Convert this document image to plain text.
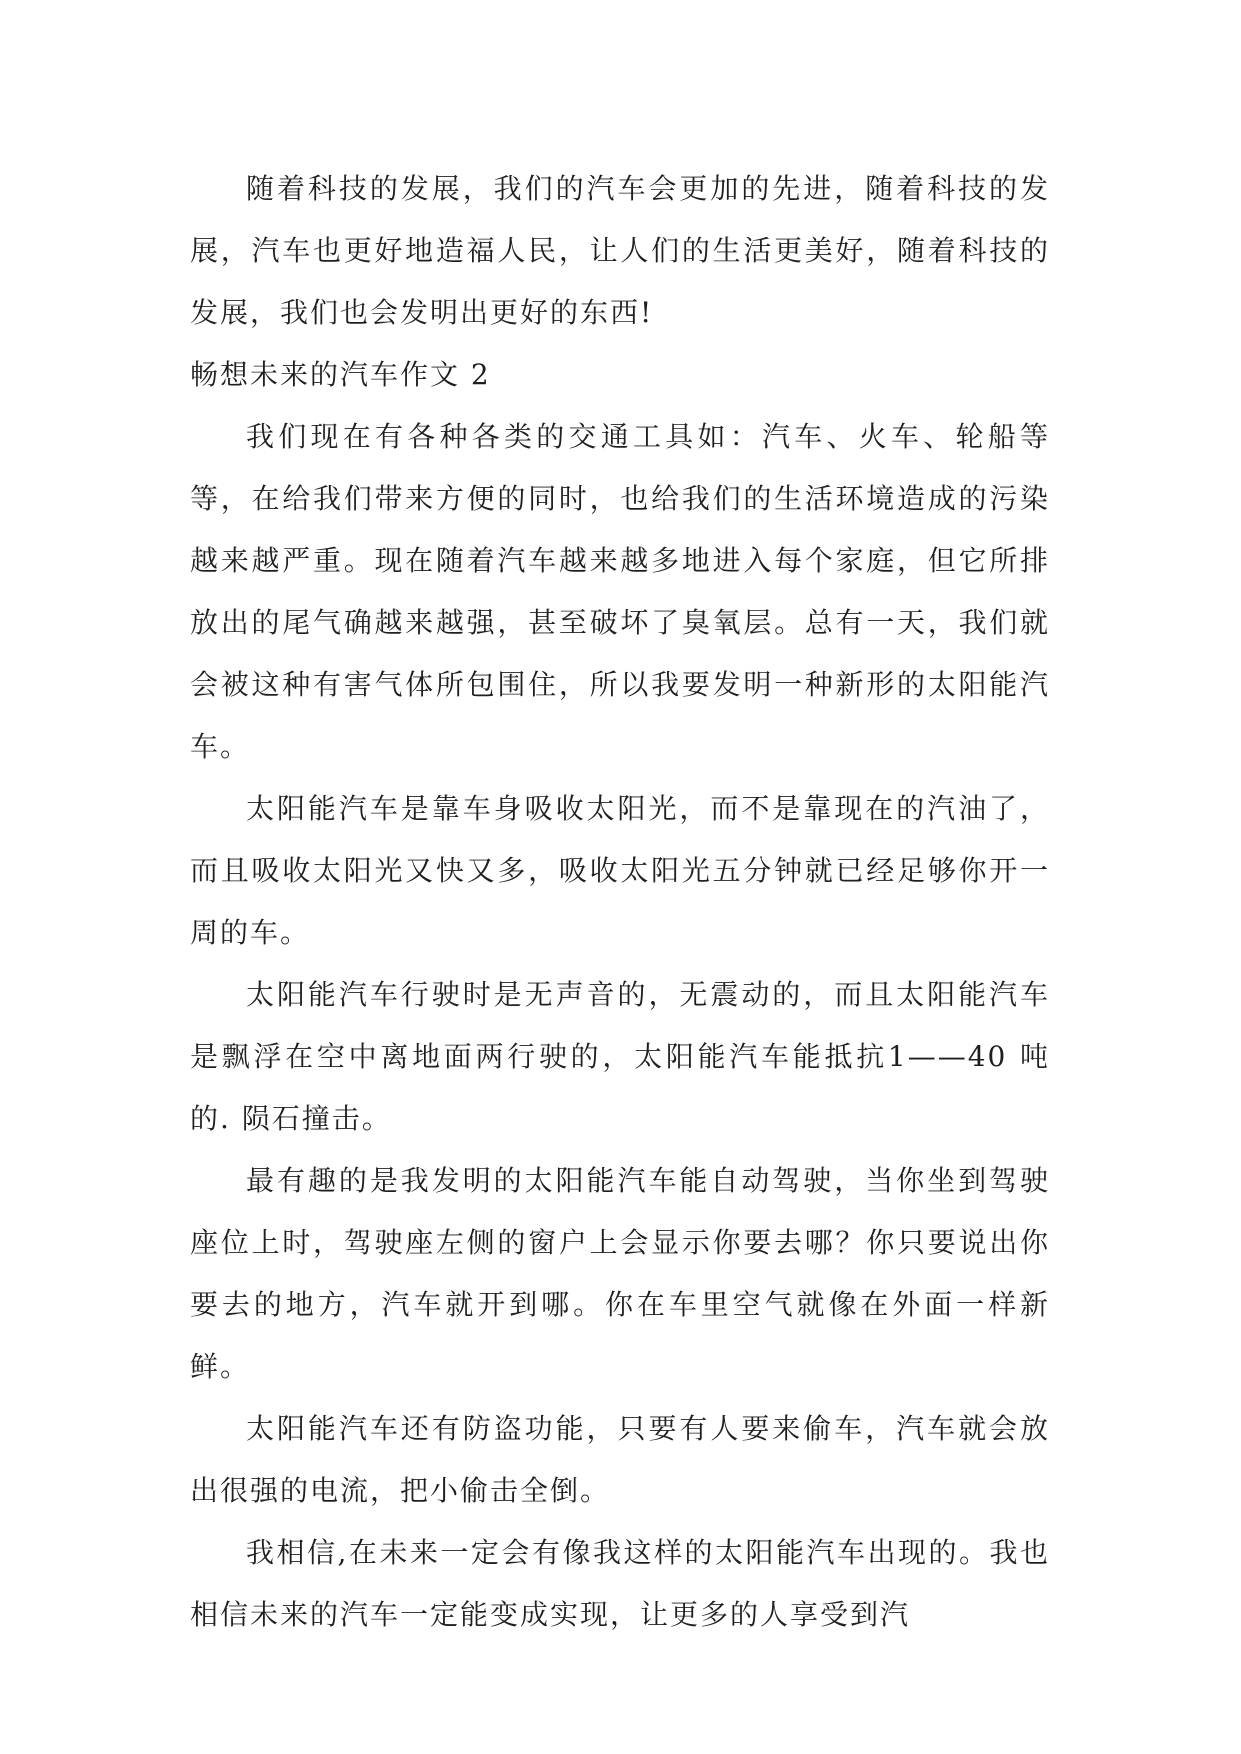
随着科技的发展，我们的汽车会更加的先进，随着科技的发展，汽车也更好地造福人民，让人们的生活更美好，随着科技的发展，我们也会发明出更好的东西!

畅想未来的汽车作文 2

我们现在有各种各类的交通工具如：汽车、火车、轮船等等，在给我们带来方便的同时，也给我们的生活环境造成的污染越来越严重。现在随着汽车越来越多地进入每个家庭，但它所排放出的尾气确越来越强，甚至破坏了臭氧层。总有一天，我们就会被这种有害气体所包围住，所以我要发明一种新形的太阳能汽车。

太阳能汽车是靠车身吸收太阳光，而不是靠现在的汽油了，而且吸收太阳光又快又多，吸收太阳光五分钟就已经足够你开一周的车。

太阳能汽车行驶时是无声音的，无震动的，而且太阳能汽车是飘浮在空中离地面两行驶的，太阳能汽车能抵抗1——40 吨的. 陨石撞击。

最有趣的是我发明的太阳能汽车能自动驾驶，当你坐到驾驶座位上时，驾驶座左侧的窗户上会显示你要去哪？你只要说出你要去的地方，汽车就开到哪。你在车里空气就像在外面一样新鲜。

太阳能汽车还有防盗功能，只要有人要来偷车，汽车就会放出很强的电流，把小偷击全倒。

我相信,在未来一定会有像我这样的太阳能汽车出现的。我也相信未来的汽车一定能变成实现，让更多的人享受到汽
